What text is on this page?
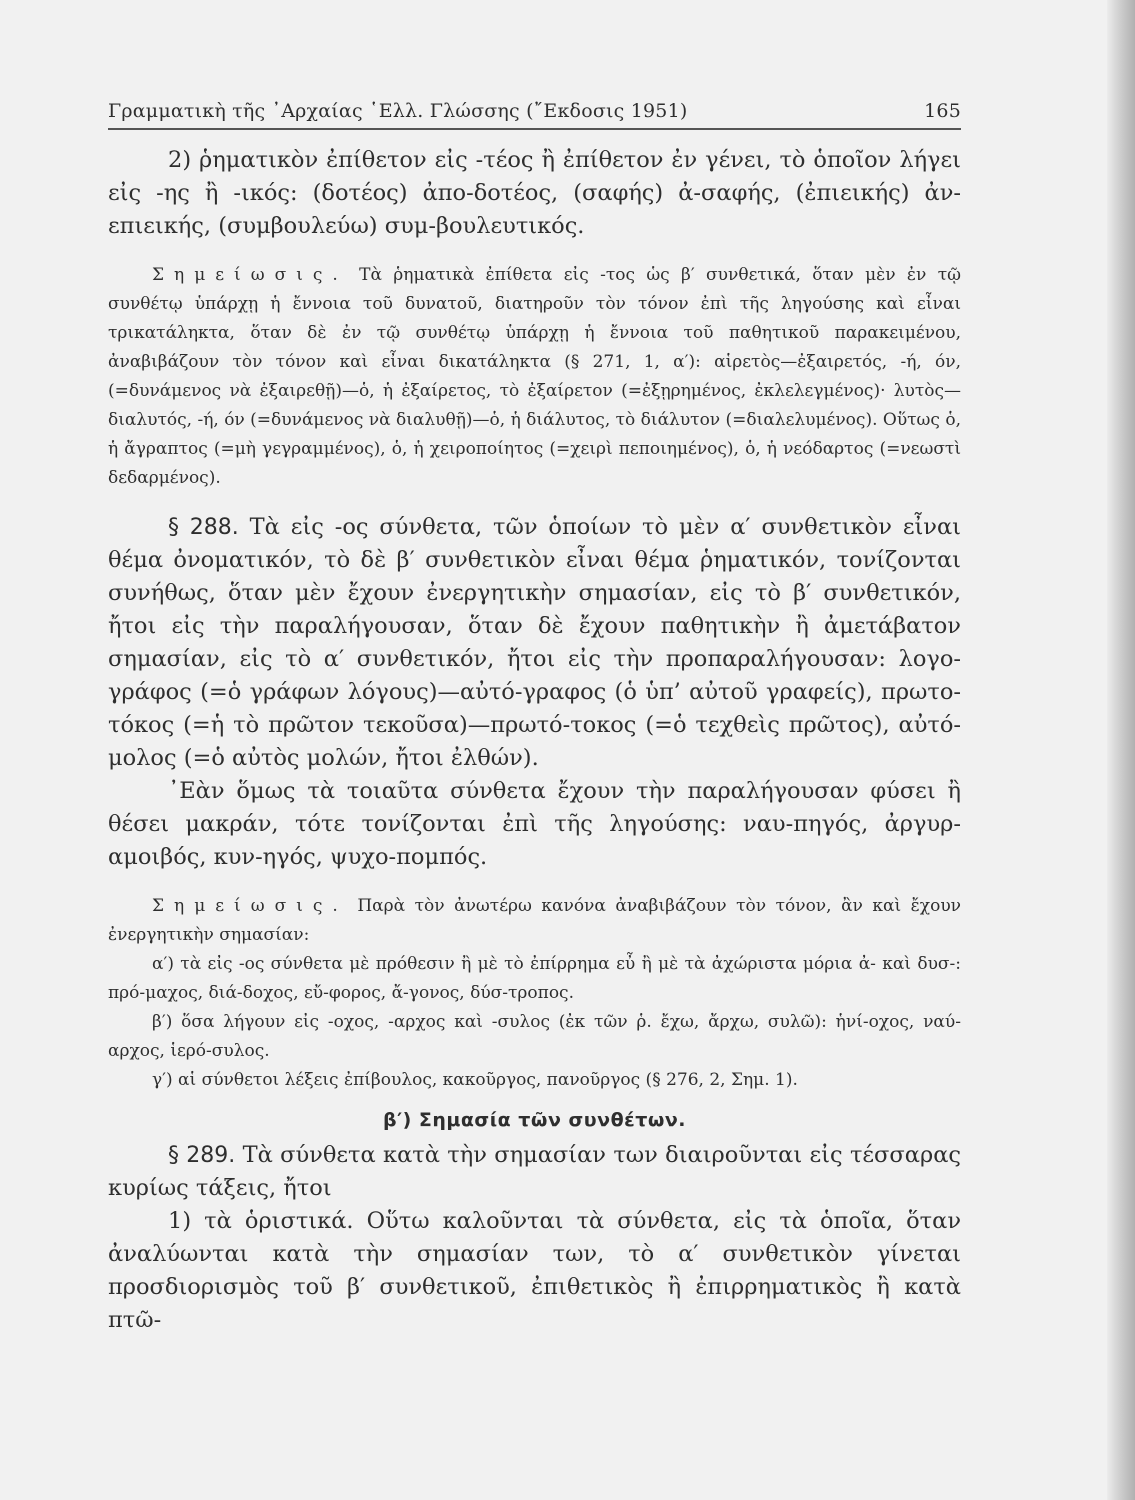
Γραμματικὴ τῆς ᾿Αρχαίας ῾Ελλ. Γλώσσης (῎Εκδοσις 1951)	165

2) ῥηματικὸν ἐπίθετον εἰς -τέος ἢ ἐπίθετον ἐν γένει, τὸ ὁποῖον λήγει εἰς -ης ἢ -ικός: (δοτέος) ἀπο-δοτέος, (σαφής) ἀ-σαφής, (ἐπιεικής) ἀν-επιεικής, (συμβουλεύω) συμ-βουλευτικός.

Σημείωσις. Τὰ ῥηματικὰ ἐπίθετα εἰς -τος ὡς β′ συνθετικά, ὅταν μὲν ἐν τῷ συνθέτῳ ὑπάρχῃ ἡ ἔννοια τοῦ δυνατοῦ, διατηροῦν τὸν τόνον ἐπὶ τῆς ληγούσης καὶ εἶναι τρικατάληκτα, ὅταν δὲ ἐν τῷ συνθέτῳ ὑπάρχῃ ἡ ἔννοια τοῦ παθητικοῦ παρακειμένου, ἀναβιβάζουν τὸν τόνον καὶ εἶναι δικατάληκτα (§ 271, 1, α′): αἱρετὸς—ἐξαιρετός, -ή, όν, (=δυνάμενος νὰ ἐξαιρεθῇ)—ὁ, ἡ ἐξαίρετος, τὸ ἐξαίρετον (=ἐξῃρημένος, ἐκλελεγμένος)· λυτὸς—διαλυτός, -ή, όν (=δυνάμενος νὰ διαλυθῇ)—ὁ, ἡ διάλυτος, τὸ διάλυτον (=διαλελυμένος). Οὕτως ὁ, ἡ ἄγραπτος (=μὴ γεγραμμένος), ὁ, ἡ χειροποίητος (=χειρὶ πεποιημένος), ὁ, ἡ νεόδαρτος (=νεωστὶ δεδαρμένος).

§ 288. Τὰ εἰς -ος σύνθετα, τῶν ὁποίων τὸ μὲν α′ συνθετικὸν εἶναι θέμα ὀνοματικόν, τὸ δὲ β′ συνθετικὸν εἶναι θέμα ῥηματικόν, τονίζονται συνήθως, ὅταν μὲν ἔχουν ἐνεργητικὴν σημασίαν, εἰς τὸ β′ συνθετικόν, ἤτοι εἰς τὴν παραλήγουσαν, ὅταν δὲ ἔχουν παθητικὴν ἢ ἀμετάβατον σημασίαν, εἰς τὸ α′ συνθετικόν, ἤτοι εἰς τὴν προπαραλήγουσαν: λογο-γράφος (=ὁ γράφων λόγους)—αὐτό-γραφος (ὁ ὑπ’ αὐτοῦ γραφείς), πρωτο-τόκος (=ἡ τὸ πρῶτον τεκοῦσα)—πρωτό-τοκος (=ὁ τεχθεὶς πρῶτος), αὐτό-μολος (=ὁ αὐτὸς μολών, ἤτοι ἐλθών).

᾿Εὰν ὅμως τὰ τοιαῦτα σύνθετα ἔχουν τὴν παραλήγουσαν φύσει ἢ θέσει μακράν, τότε τονίζονται ἐπὶ τῆς ληγούσης: ναυ-πηγός, ἀργυρ-αμοιβός, κυν-ηγός, ψυχο-πομπός.

Σημείωσις. Παρὰ τὸν ἀνωτέρω κανόνα ἀναβιβάζουν τὸν τόνον, ἂν καὶ ἔχουν ἐνεργητικὴν σημασίαν:

α′) τὰ εἰς -ος σύνθετα μὲ πρόθεσιν ἢ μὲ τὸ ἐπίρρημα εὖ ἢ μὲ τὰ ἀχώριστα μόρια ἀ- καὶ δυσ-: πρό-μαχος, διά-δοχος, εὔ-φορος, ἄ-γονος, δύσ-τροπος.

β′) ὅσα λήγουν εἰς -οχος, -αρχος καὶ -συλος (ἐκ τῶν ῥ. ἔχω, ἄρχω, συλῶ): ἡνί-οχος, ναύ-αρχος, ἱερό-συλος.

γ′) αἱ σύνθετοι λέξεις ἐπίβουλος, κακοῦργος, πανοῦργος (§ 276, 2, Σημ. 1).

β′) Σημασία τῶν συνθέτων.

§ 289. Τὰ σύνθετα κατὰ τὴν σημασίαν των διαιροῦνται εἰς τέσσαρας κυρίως τάξεις, ἤτοι

1) τὰ ὁριστικά. Οὕτω καλοῦνται τὰ σύνθετα, εἰς τὰ ὁποῖα, ὅταν ἀναλύωνται κατὰ τὴν σημασίαν των, τὸ α′ συνθετικὸν γίνεται προσδιορισμὸς τοῦ β′ συνθετικοῦ, ἐπιθετικὸς ἢ ἐπιρρηματικὸς ἢ κατὰ πτῶ-
